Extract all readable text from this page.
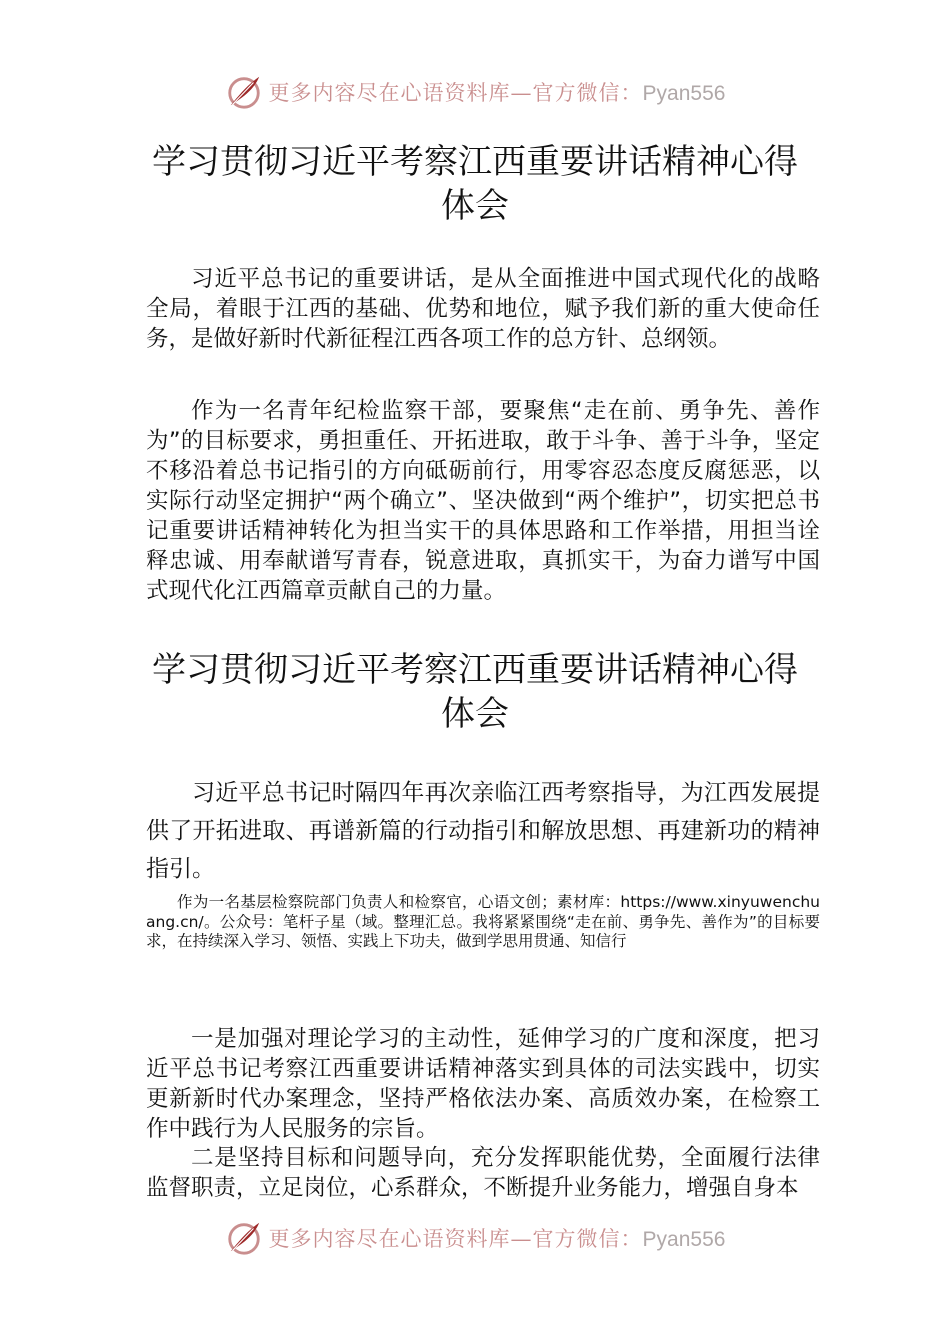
更多内容尽在心语资料库—官方微信：Pyan556
学习贯彻习近平考察江西重要讲话精神心得体会

习近平总书记的重要讲话，是从全面推进中国式现代化的战略全局，着眼于江西的基础、优势和地位，赋予我们新的重大使命任务，是做好新时代新征程江西各项工作的总方针、总纲领。

作为一名青年纪检监察干部，要聚焦“走在前、勇争先、善作为”的目标要求，勇担重任、开拓进取，敢于斗争、善于斗争，坚定不移沿着总书记指引的方向砥砺前行，用零容忍态度反腐惩恶，以实际行动坚定拥护“两个确立”、坚决做到“两个维护”，切实把总书记重要讲话精神转化为担当实干的具体思路和工作举措，用担当诠释忠诚、用奉献谱写青春，锐意进取，真抓实干，为奋力谱写中国式现代化江西篇章贡献自己的力量。

学习贯彻习近平考察江西重要讲话精神心得体会

习近平总书记时隔四年再次亲临江西考察指导，为江西发展提供了开拓进取、再谱新篇的行动指引和解放思想、再建新功的精神指引。

作为一名基层检察院部门负责人和检察官，心语文创；素材库：https://www.xinyuwenchuang.cn/。公众号：笔杆子星（域。整理汇总。我将紧紧围绕“走在前、勇争先、善作为”的目标要求，在持续深入学习、领悟、实践上下功夫，做到学思用贯通、知信行

一是加强对理论学习的主动性，延伸学习的广度和深度，把习近平总书记考察江西重要讲话精神落实到具体的司法实践中，切实更新新时代办案理念，坚持严格依法办案、高质效办案，在检察工作中践行为人民服务的宗旨。

二是坚持目标和问题导向，充分发挥职能优势，全面履行法律监督职责，立足岗位，心系群众，不断提升业务能力，增强自身本

更多内容尽在心语资料库—官方微信：Pyan556
